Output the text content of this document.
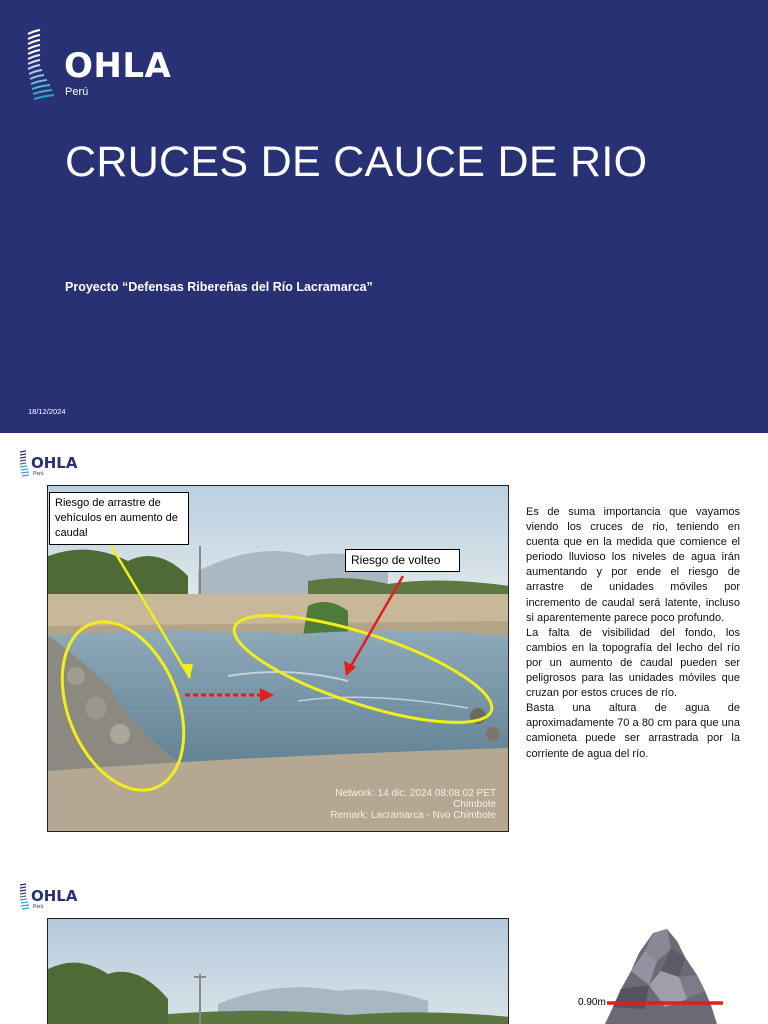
OHLA
Perú
CRUCES DE CAUCE DE RIO
Proyecto “Defensas Ribereñas del Río Lacramarca”
18/12/2024
OHLA
Perú
Network: 14 dic. 2024 08:08:02 PET
Chimbote
Remark: Lacramarca - Nvo Chimbote
Riesgo de arrastre de vehículos en aumento de caudal
Riesgo de volteo

Es de suma importancia que vayamos viendo los cruces de rio, teniendo en cuenta que en la medida que comience el periodo lluvioso los niveles de agua irán aumentando y por ende el riesgo de arrastre de unidades móviles por incremento de caudal será latente, incluso si aparentemente parece poco profundo.

La falta de visibilidad del fondo, los cambios en la topografía del lecho del río por un aumento de caudal pueden ser peligrosos para las unidades móviles que cruzan por estos cruces de río.

Basta una altura de agua de aproximadamente 70 a 80 cm para que una camioneta puede ser arrastrada por la corriente de agua del río.

OHLA
Perú
0.90m
